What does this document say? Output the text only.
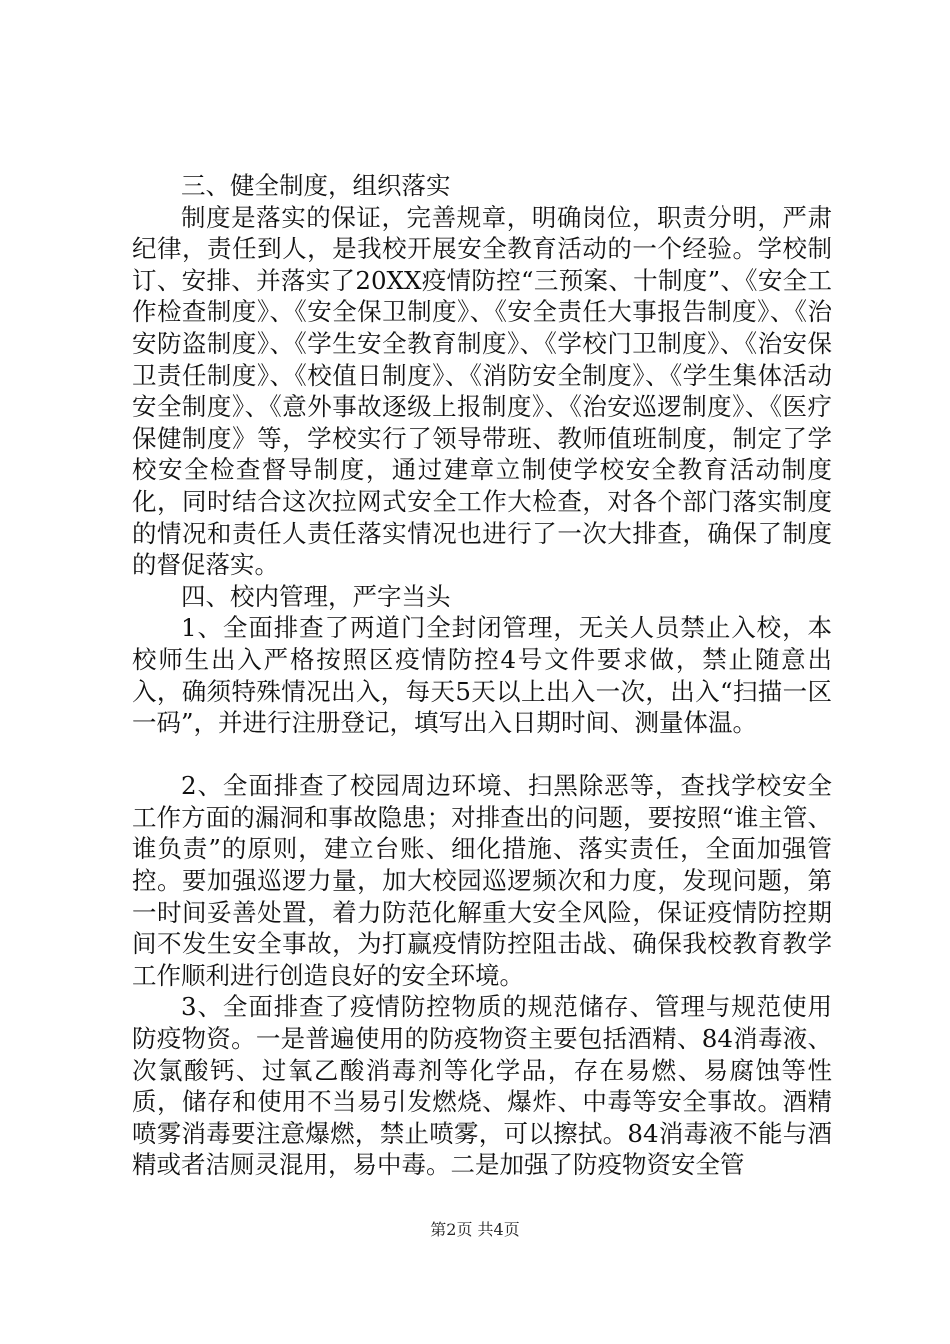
三、健全制度，组织落实

制度是落实的保证，完善规章，明确岗位，职责分明，严肃纪律，责任到人，是我校开展安全教育活动的一个经验。学校制订、安排、并落实了20XX疫情防控“三预案、十制度”、《安全工作检查制度》、《安全保卫制度》、《安全责任大事报告制度》、《治安防盗制度》、《学生安全教育制度》、《学校门卫制度》、《治安保卫责任制度》、《校值日制度》、《消防安全制度》、《学生集体活动安全制度》、《意外事故逐级上报制度》、《治安巡逻制度》、《医疗保健制度》等，学校实行了领导带班、教师值班制度，制定了学校安全检查督导制度，通过建章立制使学校安全教育活动制度化，同时结合这次拉网式安全工作大检查，对各个部门落实制度的情况和责任人责任落实情况也进行了一次大排查，确保了制度的督促落实。

四、校内管理，严字当头

1、全面排查了两道门全封闭管理，无关人员禁止入校，本校师生出入严格按照区疫情防控4号文件要求做，禁止随意出入，确须特殊情况出入，每天5天以上出入一次，出入“扫描一区一码”，并进行注册登记，填写出入日期时间、测量体温。

2、全面排查了校园周边环境、扫黑除恶等，查找学校安全工作方面的漏洞和事故隐患；对排查出的问题，要按照“谁主管、谁负责”的原则，建立台账、细化措施、落实责任，全面加强管控。要加强巡逻力量，加大校园巡逻频次和力度，发现问题，第一时间妥善处置，着力防范化解重大安全风险，保证疫情防控期间不发生安全事故，为打赢疫情防控阻击战、确保我校教育教学工作顺利进行创造良好的安全环境。

3、全面排查了疫情防控物质的规范储存、管理与规范使用防疫物资。一是普遍使用的防疫物资主要包括酒精、84消毒液、次氯酸钙、过氧乙酸消毒剂等化学品，存在易燃、易腐蚀等性质，储存和使用不当易引发燃烧、爆炸、中毒等安全事故。酒精喷雾消毒要注意爆燃，禁止喷雾，可以擦拭。84消毒液不能与酒精或者洁厕灵混用，易中毒。二是加强了防疫物资安全管

第2页 共4页
